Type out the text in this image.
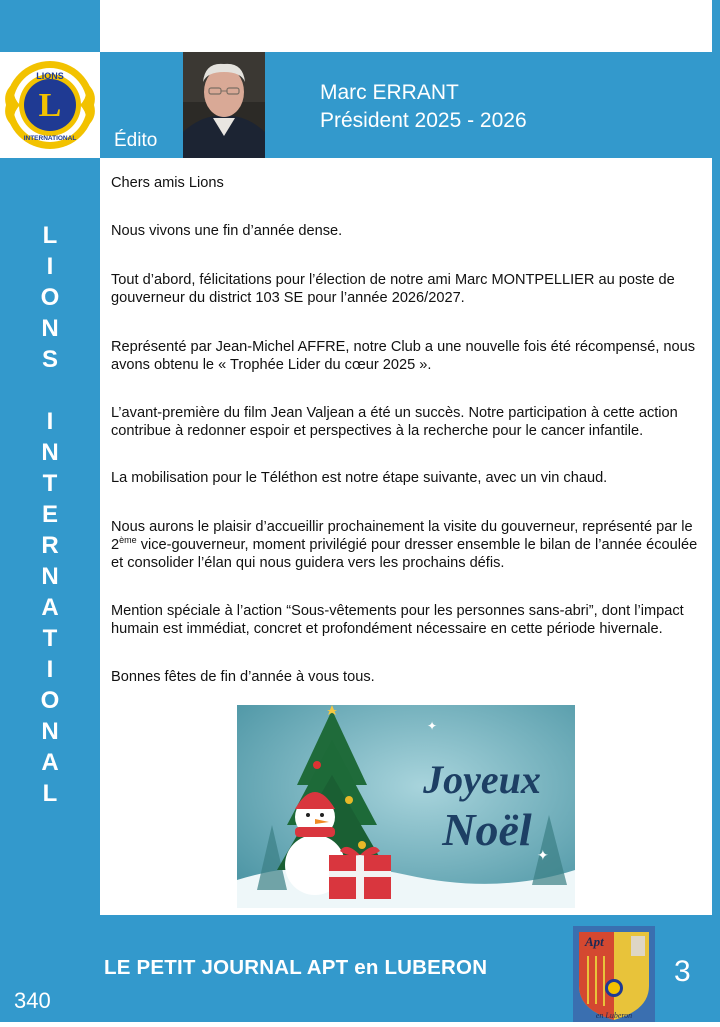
L
LIONS
INTERNATIONAL Édito
Marc ERRANT
Président 2025 - 2026
L
I
O
N
S
I
N
T
E
R
N
A
T
I
O
N
A
L

Chers amis Lions

Nous vivons une fin d’année dense.

Tout d’abord, félicitations pour l’élection de notre ami Marc MONTPELLIER au poste de gouverneur du district 103 SE pour l’année 2026/2027.

Représenté par Jean-Michel AFFRE, notre Club a une nouvelle fois été récompensé, nous avons obtenu le « Trophée Lider du cœur 2025 ».

L’avant-première du film Jean Valjean a été un succès. Notre participation à cette action contribue à redonner espoir et perspectives à la recherche pour le cancer infantile.

La mobilisation pour le Téléthon est notre étape suivante, avec un vin chaud.

Nous aurons le plaisir d’accueillir prochainement la visite du gouverneur, représenté par le 2ème vice-gouverneur, moment privilégié pour dresser ensemble le bilan de l’année écoulée et consolider l’élan qui nous guidera vers les prochains défis.

Mention spéciale à l’action “Sous-vêtements pour les personnes sans-abri”, dont l’impact humain est immédiat, concret et profondément nécessaire en cette période hivernale.

Bonnes fêtes de fin d’année à vous tous.

Joyeux
Noël
✦
✦
LE PETIT JOURNAL APT en LUBERON
340
3
Apt
en Luberon
